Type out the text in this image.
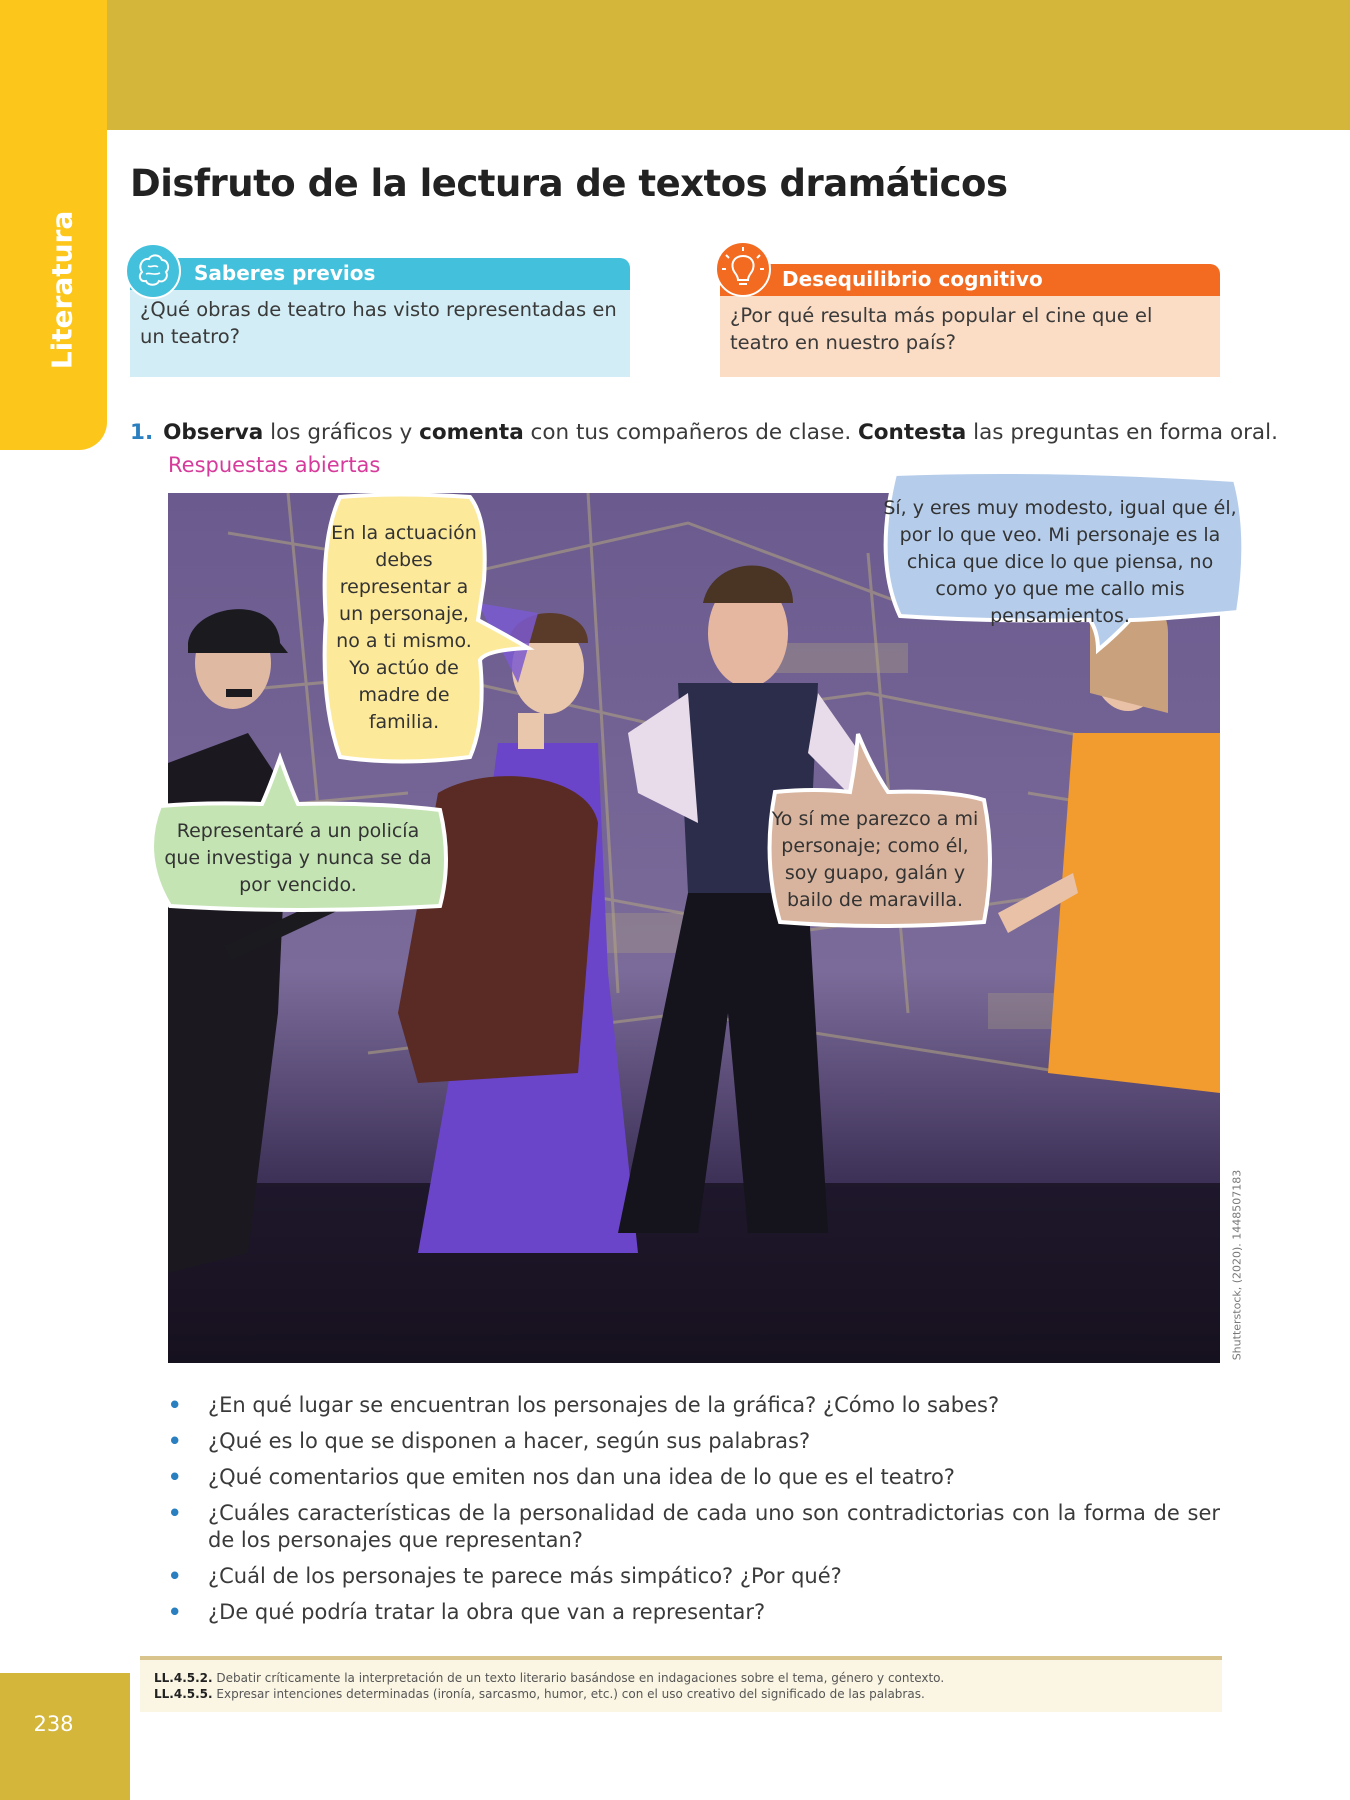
Literatura
Disfruto de la lectura de textos dramáticos
Saberes previos
¿Qué obras de teatro has visto representadas en un teatro?
Desequilibrio cognitivo
¿Por qué resulta más popular el cine que el teatro en nuestro país?
1. Observa los gráficos y comenta con tus compañeros de clase. Contesta las preguntas en forma oral.
Respuestas abiertas
Shutterstock, (2020). 1448507183
En la actuación debes representar a un personaje, no a ti mismo. Yo actúo de madre de familia.
Sí, y eres muy modesto, igual que él, por lo que veo. Mi personaje es la chica que dice lo que piensa, no como yo que me callo mis pensamientos.
Representaré a un policía que investiga y nunca se da por vencido.
Yo sí me parezco a mi personaje; como él, soy guapo, galán y bailo de maravilla.
• ¿En qué lugar se encuentran los personajes de la gráfica? ¿Cómo lo sabes?
• ¿Qué es lo que se disponen a hacer, según sus palabras?
• ¿Qué comentarios que emiten nos dan una idea de lo que es el teatro?
• ¿Cuáles características de la personalidad de cada uno son contradictorias con la forma de ser de los personajes que representan?
• ¿Cuál de los personajes te parece más simpático? ¿Por qué?
• ¿De qué podría tratar la obra que van a representar?
LL.4.5.2. Debatir críticamente la interpretación de un texto literario basándose en indagaciones sobre el tema, género y contexto.
LL.4.5.5. Expresar intenciones determinadas (ironía, sarcasmo, humor, etc.) con el uso creativo del significado de las palabras.
238
